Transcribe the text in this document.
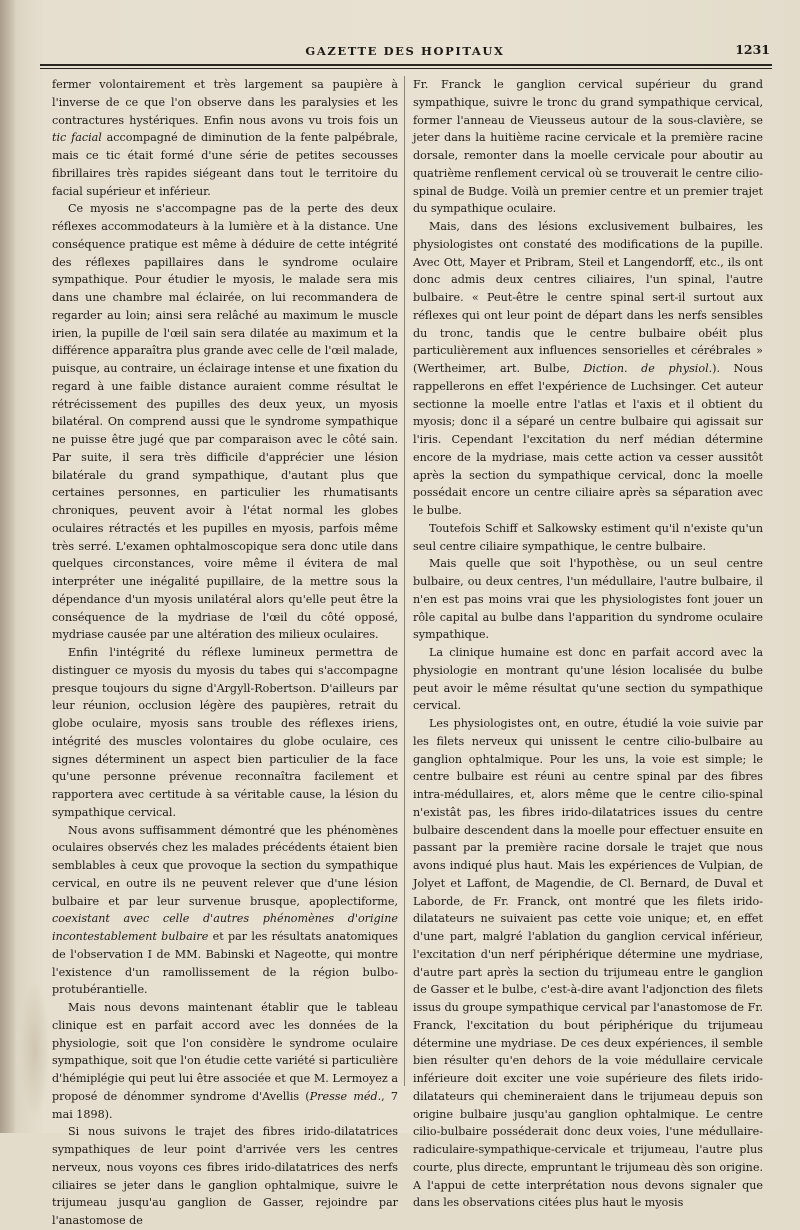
GAZETTE DES HOPITAUX	1231

fermer volontairement et très largement sa paupière à l'inverse de ce que l'on observe dans les paralysies et les contractures hystériques. Enfin nous avons vu trois fois un tic facial accompagné de diminution de la fente palpébrale, mais ce tic était formé d'une série de petites secousses fibrillaires très rapides siégeant dans tout le territoire du facial supérieur et inférieur.

Ce myosis ne s'accompagne pas de la perte des deux réflexes accommodateurs à la lumière et à la distance. Une conséquence pratique est même à déduire de cette intégrité des réflexes papillaires dans le syndrome oculaire sympathique. Pour étudier le myosis, le malade sera mis dans une chambre mal éclairée, on lui recommandera de regarder au loin; ainsi sera relâché au maximum le muscle irien, la pupille de l'œil sain sera dilatée au maximum et la différence apparaîtra plus grande avec celle de l'œil malade, puisque, au contraire, un éclairage intense et une fixation du regard à une faible distance auraient comme résultat le rétrécissement des pupilles des deux yeux, un myosis bilatéral. On comprend aussi que le syndrome sympathique ne puisse être jugé que par comparaison avec le côté sain. Par suite, il sera très difficile d'apprécier une lésion bilatérale du grand sympathique, d'autant plus que certaines personnes, en particulier les rhumatisants chroniques, peuvent avoir à l'état normal les globes oculaires rétractés et les pupilles en myosis, parfois même très serré. L'examen ophtalmoscopique sera donc utile dans quelques circonstances, voire même il évitera de mal interpréter une inégalité pupillaire, de la mettre sous la dépendance d'un myosis unilatéral alors qu'elle peut être la conséquence de la mydriase de l'œil du côté opposé, mydriase causée par une altération des milieux oculaires.

Enfin l'intégrité du réflexe lumineux permettra de distinguer ce myosis du myosis du tabes qui s'accompagne presque toujours du signe d'Argyll-Robertson. D'ailleurs par leur réunion, occlusion légère des paupières, retrait du globe oculaire, myosis sans trouble des réflexes iriens, intégrité des muscles volontaires du globe oculaire, ces signes déterminent un aspect bien particulier de la face qu'une personne prévenue reconnaîtra facilement et rapportera avec certitude à sa véritable cause, la lésion du sympathique cervical.

Nous avons suffisamment démontré que les phénomènes oculaires observés chez les malades précédents étaient bien semblables à ceux que provoque la section du sympathique cervical, en outre ils ne peuvent relever que d'une lésion bulbaire et par leur survenue brusque, apoplectiforme, coexistant avec celle d'autres phénomènes d'origine incontestablement bulbaire et par les résultats anatomiques de l'observation I de MM. Babinski et Nageotte, qui montre l'existence d'un ramollissement de la région bulbo-protubérantielle.

Mais nous devons maintenant établir que le tableau clinique est en parfait accord avec les données de la physiologie, soit que l'on considère le syndrome oculaire sympathique, soit que l'on étudie cette variété si particulière d'hémiplégie qui peut lui être associée et que M. Lermoyez a proposé de dénommer syndrome d'Avellis (Presse méd., 7 mai 1898).

Si nous suivons le trajet des fibres irido-dilatatrices sympathiques de leur point d'arrivée vers les centres nerveux, nous voyons ces fibres irido-dilatatrices des nerfs ciliaires se jeter dans le ganglion ophtalmique, suivre le trijumeau jusqu'au ganglion de Gasser, rejoindre par l'anastomose de

Fr. Franck le ganglion cervical supérieur du grand sympathique, suivre le tronc du grand sympathique cervical, former l'anneau de Vieusseus autour de la sous-clavière, se jeter dans la huitième racine cervicale et la première racine dorsale, remonter dans la moelle cervicale pour aboutir au quatrième renflement cervical où se trouverait le centre cilio-spinal de Budge. Voilà un premier centre et un premier trajet du sympathique oculaire.

Mais, dans des lésions exclusivement bulbaires, les physiologistes ont constaté des modifications de la pupille. Avec Ott, Mayer et Pribram, Steil et Langendorff, etc., ils ont donc admis deux centres ciliaires, l'un spinal, l'autre bulbaire. « Peut-être le centre spinal sert-il surtout aux réflexes qui ont leur point de départ dans les nerfs sensibles du tronc, tandis que le centre bulbaire obéit plus particulièrement aux influences sensorielles et cérébrales » (Wertheimer, art. Bulbe, Diction. de physiol.). Nous rappellerons en effet l'expérience de Luchsinger. Cet auteur sectionne la moelle entre l'atlas et l'axis et il obtient du myosis; donc il a séparé un centre bulbaire qui agissait sur l'iris. Cependant l'excitation du nerf médian détermine encore de la mydriase, mais cette action va cesser aussitôt après la section du sympathique cervical, donc la moelle possédait encore un centre ciliaire après sa séparation avec le bulbe.

Toutefois Schiff et Salkowsky estiment qu'il n'existe qu'un seul centre ciliaire sympathique, le centre bulbaire.

Mais quelle que soit l'hypothèse, ou un seul centre bulbaire, ou deux centres, l'un médullaire, l'autre bulbaire, il n'en est pas moins vrai que les physiologistes font jouer un rôle capital au bulbe dans l'apparition du syndrome oculaire sympathique.

La clinique humaine est donc en parfait accord avec la physiologie en montrant qu'une lésion localisée du bulbe peut avoir le même résultat qu'une section du sympathique cervical.

Les physiologistes ont, en outre, étudié la voie suivie par les filets nerveux qui unissent le centre cilio-bulbaire au ganglion ophtalmique. Pour les uns, la voie est simple; le centre bulbaire est réuni au centre spinal par des fibres intra-médullaires, et, alors même que le centre cilio-spinal n'existât pas, les fibres irido-dilatatrices issues du centre bulbaire descendent dans la moelle pour effectuer ensuite en passant par la première racine dorsale le trajet que nous avons indiqué plus haut. Mais les expériences de Vulpian, de Jolyet et Laffont, de Magendie, de Cl. Bernard, de Duval et Laborde, de Fr. Franck, ont montré que les filets irido-dilatateurs ne suivaient pas cette voie unique; et, en effet d'une part, malgré l'ablation du ganglion cervical inférieur, l'excitation d'un nerf périphérique détermine une mydriase, d'autre part après la section du trijumeau entre le ganglion de Gasser et le bulbe, c'est-à-dire avant l'adjonction des filets issus du groupe sympathique cervical par l'anastomose de Fr. Franck, l'excitation du bout périphérique du trijumeau détermine une mydriase. De ces deux expériences, il semble bien résulter qu'en dehors de la voie médullaire cervicale inférieure doit exciter une voie supérieure des filets irido-dilatateurs qui chemineraient dans le trijumeau depuis son origine bulbaire jusqu'au ganglion ophtalmique. Le centre cilio-bulbaire posséderait donc deux voies, l'une médullaire-radiculaire-sympathique-cervicale et trijumeau, l'autre plus courte, plus directe, empruntant le trijumeau dès son origine. A l'appui de cette interprétation nous devons signaler que dans les observations citées plus haut le myosis
